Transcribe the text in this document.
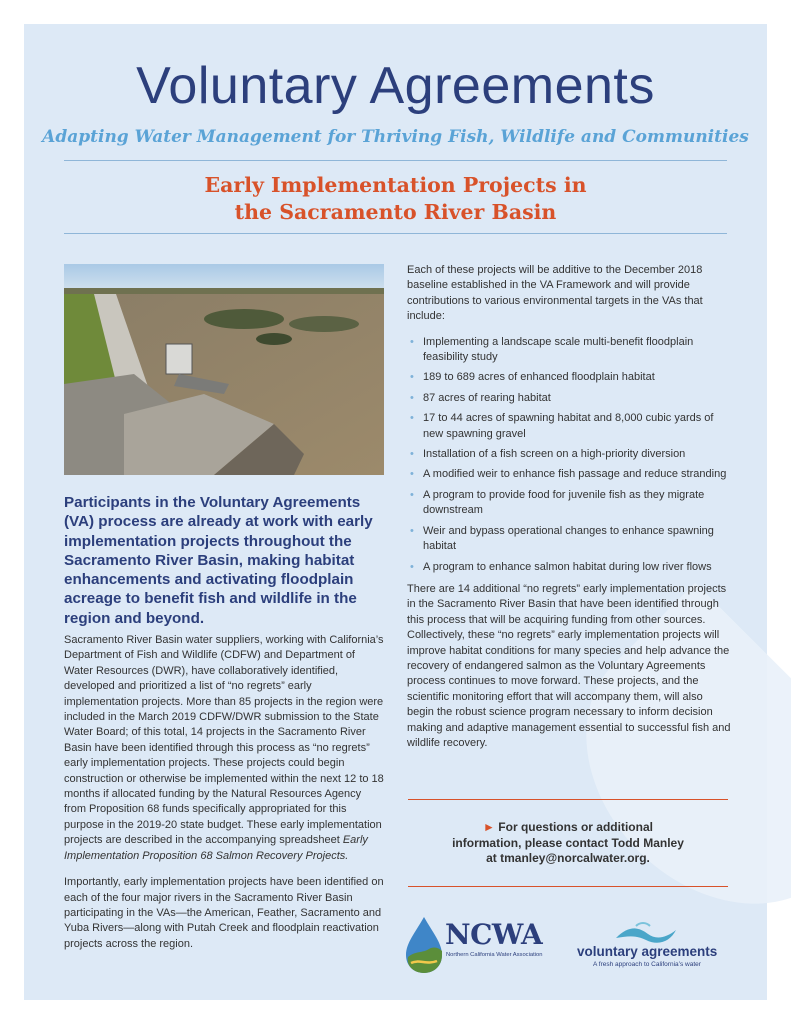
Voluntary Agreements
Adapting Water Management for Thriving Fish, Wildlife and Communities
Early Implementation Projects in
the Sacramento River Basin
Participants in the Voluntary Agreements (VA) process are already at work with early implementation projects throughout the Sacramento River Basin, making habitat enhancements and activating floodplain acreage to benefit fish and wildlife in the region and beyond.

Sacramento River Basin water suppliers, working with California’s Department of Fish and Wildlife (CDFW) and Department of Water Resources (DWR), have collaboratively identified, developed and prioritized a list of “no regrets” early implementation projects. More than 85 projects in the region were included in the March 2019 CDFW/DWR submission to the State Water Board; of this total, 14 projects in the Sacramento River Basin have been identified through this process as “no regrets” early implementation projects. These projects could begin construction or otherwise be implemented within the next 12 to 18 months if allocated funding by the Natural Resources Agency from Proposition 68 funds specifically appropriated for this purpose in the 2019-20 state budget. These early implementation projects are described in the accompanying spreadsheet Early Implementation Proposition 68 Salmon Recovery Projects.

Importantly, early implementation projects have been identified on each of the four major rivers in the Sacramento River Basin participating in the VAs—the American, Feather, Sacramento and Yuba Rivers—along with Putah Creek and floodplain reactivation projects across the region.

Each of these projects will be additive to the December 2018 baseline established in the VA Framework and will provide contributions to various environmental targets in the VAs that include:

• Implementing a landscape scale multi-benefit floodplain feasibility study
• 189 to 689 acres of enhanced floodplain habitat
• 87 acres of rearing habitat
• 17 to 44 acres of spawning habitat and 8,000 cubic yards of new spawning gravel
• Installation of a fish screen on a high-priority diversion
• A modified weir to enhance fish passage and reduce stranding
• A program to provide food for juvenile fish as they migrate downstream
• Weir and bypass operational changes to enhance spawning habitat
• A program to enhance salmon habitat during low river flows

There are 14 additional “no regrets” early implementation projects in the Sacramento River Basin that have been identified through this process that will be acquiring funding from other sources. Collectively, these “no regrets” early implementation projects will improve habitat conditions for many species and help advance the recovery of endangered salmon as the Voluntary Agreements process continues to move forward. These projects, and the scientific monitoring effort that will accompany them, will also begin the robust science program necessary to inform decision making and adaptive management essential to successful fish and wildlife recovery.

► For questions or additional
information, please contact Todd Manley
at tmanley@norcalwater.org.
NCWA
Northern California Water Association	voluntary agreements
A fresh approach to California’s water
